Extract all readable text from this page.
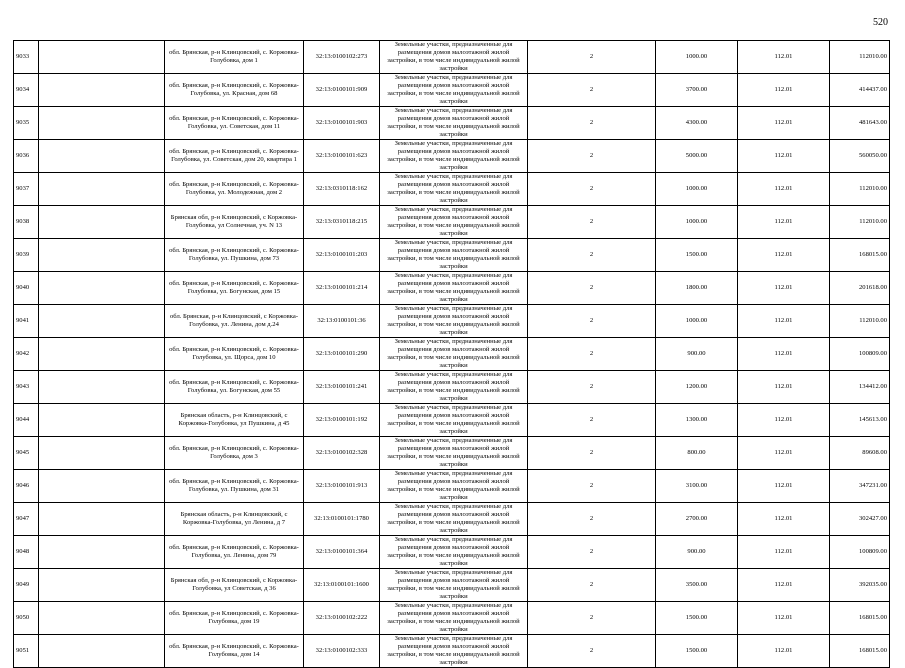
520
9033		обл. Брянская, р-н Клинцовский, с. Коржовка-Голубовка, дом 1	32:13:0100102:273	Земельные участки, предназначенные для размещения домов малоэтажной жилой застройки, в том числе индивидуальной жилой застройки	2	1000.00	112.01	112010.00
9034		обл. Брянская, р-н Клинцовский, с. Коржовка-Голубовка, ул. Красная, дом 68	32:13:0100101:909	Земельные участки, предназначенные для размещения домов малоэтажной жилой застройки, в том числе индивидуальной жилой застройки	2	3700.00	112.01	414437.00
9035		обл. Брянская, р-н Клинцовский, с. Коржовка-Голубовка, ул. Советская, дом 11	32:13:0100101:903	Земельные участки, предназначенные для размещения домов малоэтажной жилой застройки, в том числе индивидуальной жилой застройки	2	4300.00	112.01	481643.00
9036		обл. Брянская, р-н Клинцовский, с. Коржовка-Голубовка, ул. Советская, дом 20, квартира 1	32:13:0100101:623	Земельные участки, предназначенные для размещения домов малоэтажной жилой застройки, в том числе индивидуальной жилой застройки	2	5000.00	112.01	560050.00
9037		обл. Брянская, р-н Клинцовский, с. Коржовка-Голубовка, ул. Молодежная, дом 2	32:13:0310118:162	Земельные участки, предназначенные для размещения домов малоэтажной жилой застройки, в том числе индивидуальной жилой застройки	2	1000.00	112.01	112010.00
9038		Брянская обл, р-н Клинцовский, с Коржовка-Голубовка, ул Солнечная, уч. N 13	32:13:0310118:215	Земельные участки, предназначенные для размещения домов малоэтажной жилой застройки, в том числе индивидуальной жилой застройки	2	1000.00	112.01	112010.00
9039		обл. Брянская, р-н Клинцовский, с. Коржовка-Голубовка, ул. Пушкина, дом 73	32:13:0100101:203	Земельные участки, предназначенные для размещения домов малоэтажной жилой застройки, в том числе индивидуальной жилой застройки	2	1500.00	112.01	168015.00
9040		обл. Брянская, р-н Клинцовский, с. Коржовка-Голубовка, ул. Богунская, дом 15	32:13:0100101:214	Земельные участки, предназначенные для размещения домов малоэтажной жилой застройки, в том числе индивидуальной жилой застройки	2	1800.00	112.01	201618.00
9041		обл. Брянская, р-н Клинцовский, с Коржовка-Голубовка, ул. Ленина, дом д.24	32:13:0100101:36	Земельные участки, предназначенные для размещения домов малоэтажной жилой застройки, в том числе индивидуальной жилой застройки	2	1000.00	112.01	112010.00
9042		обл. Брянская, р-н Клинцовский, с. Коржовка-Голубовка, ул. Щорса, дом 10	32:13:0100101:290	Земельные участки, предназначенные для размещения домов малоэтажной жилой застройки, в том числе индивидуальной жилой застройки	2	900.00	112.01	100809.00
9043		обл. Брянская, р-н Клинцовский, с. Коржовка-Голубовка, ул. Богунская, дом 55	32:13:0100101:241	Земельные участки, предназначенные для размещения домов малоэтажной жилой застройки, в том числе индивидуальной жилой застройки	2	1200.00	112.01	134412.00
9044		Брянская область, р-н Клинцовский, с Коржовка-Голубовка, ул Пушкина, д 45	32:13:0100101:192	Земельные участки, предназначенные для размещения домов малоэтажной жилой застройки, в том числе индивидуальной жилой застройки	2	1300.00	112.01	145613.00
9045		обл. Брянская, р-н Клинцовский, с. Коржовка-Голубовка, дом 3	32:13:0100102:328	Земельные участки, предназначенные для размещения домов малоэтажной жилой застройки, в том числе индивидуальной жилой застройки	2	800.00	112.01	89608.00
9046		обл. Брянская, р-н Клинцовский, с. Коржовка-Голубовка, ул. Пушкина, дом 31	32:13:0100101:913	Земельные участки, предназначенные для размещения домов малоэтажной жилой застройки, в том числе индивидуальной жилой застройки	2	3100.00	112.01	347231.00
9047		Брянская область, р-н Клинцовский, с Коржовка-Голубовка, ул Ленина, д 7	32:13:0100101:1780	Земельные участки, предназначенные для размещения домов малоэтажной жилой застройки, в том числе индивидуальной жилой застройки	2	2700.00	112.01	302427.00
9048		обл. Брянская, р-н Клинцовский, с. Коржовка-Голубовка, ул. Ленина, дом 79	32:13:0100101:364	Земельные участки, предназначенные для размещения домов малоэтажной жилой застройки, в том числе индивидуальной жилой застройки	2	900.00	112.01	100809.00
9049		Брянская обл, р-н Клинцовский, с Коржовка-Голубовка, ул Советская, д 36	32:13:0100101:1600	Земельные участки, предназначенные для размещения домов малоэтажной жилой застройки, в том числе индивидуальной жилой застройки	2	3500.00	112.01	392035.00
9050		обл. Брянская, р-н Клинцовский, с. Коржовка-Голубовка, дом 19	32:13:0100102:222	Земельные участки, предназначенные для размещения домов малоэтажной жилой застройки, в том числе индивидуальной жилой застройки	2	1500.00	112.01	168015.00
9051		обл. Брянская, р-н Клинцовский, с. Коржовка-Голубовка, дом 14	32:13:0100102:333	Земельные участки, предназначенные для размещения домов малоэтажной жилой застройки, в том числе индивидуальной жилой застройки	2	1500.00	112.01	168015.00
